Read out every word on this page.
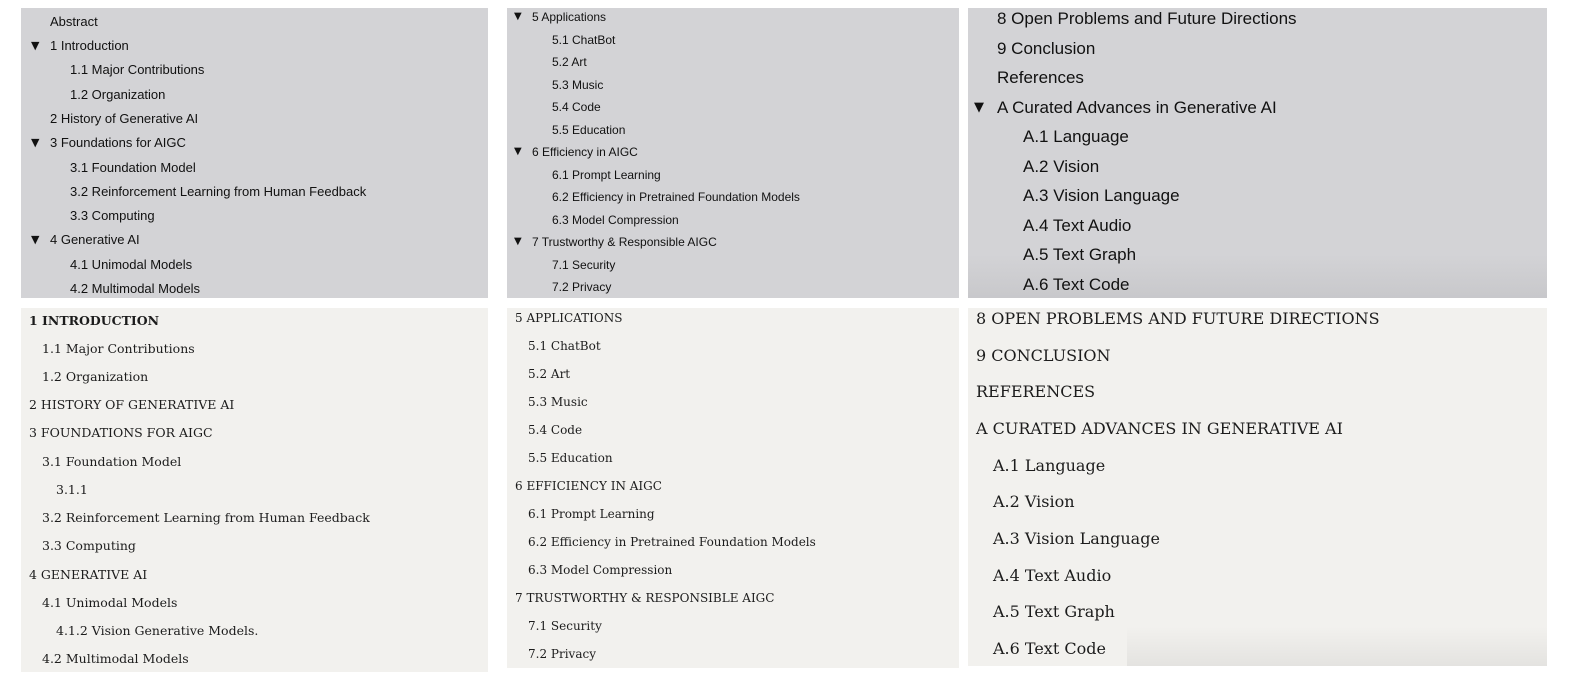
▼
▼
▼
Abstract
1 Introduction
1.1 Major Contributions
1.2 Organization
2 History of Generative AI
3 Foundations for AIGC
3.1 Foundation Model
3.2 Reinforcement Learning from Human Feedback
3.3 Computing
4 Generative AI
4.1 Unimodal Models
4.2 Multimodal Models
▼
▼
▼
5 Applications
5.1 ChatBot
5.2 Art
5.3 Music
5.4 Code
5.5 Education
6 Efficiency in AIGC
6.1 Prompt Learning
6.2 Efficiency in Pretrained Foundation Models
6.3 Model Compression
7 Trustworthy & Responsible AIGC
7.1 Security
7.2 Privacy
▼
8 Open Problems and Future Directions
9 Conclusion
References
A Curated Advances in Generative AI
A.1 Language
A.2 Vision
A.3 Vision Language
A.4 Text Audio
A.5 Text Graph
A.6 Text Code
1 INTRODUCTION
1.1 Major Contributions
1.2 Organization
2 HISTORY OF GENERATIVE AI
3 FOUNDATIONS FOR AIGC
3.1 Foundation Model
3.1.1
3.2 Reinforcement Learning from Human Feedback
3.3 Computing
4 GENERATIVE AI
4.1 Unimodal Models
4.1.2 Vision Generative Models.
4.2 Multimodal Models
5 APPLICATIONS
5.1 ChatBot
5.2 Art
5.3 Music
5.4 Code
5.5 Education
6 EFFICIENCY IN AIGC
6.1 Prompt Learning
6.2 Efficiency in Pretrained Foundation Models
6.3 Model Compression
7 TRUSTWORTHY & RESPONSIBLE AIGC
7.1 Security
7.2 Privacy
8 OPEN PROBLEMS AND FUTURE DIRECTIONS
9 CONCLUSION
REFERENCES
A CURATED ADVANCES IN GENERATIVE AI
A.1 Language
A.2 Vision
A.3 Vision Language
A.4 Text Audio
A.5 Text Graph
A.6 Text Code
